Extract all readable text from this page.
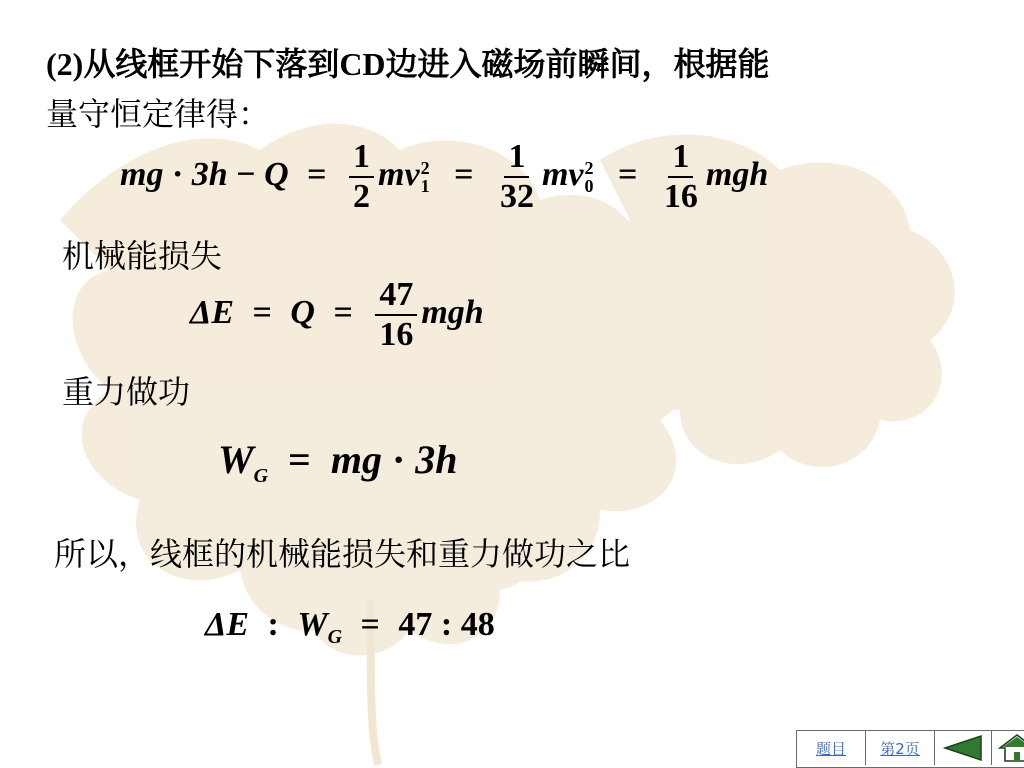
(2)从线框开始下落到CD边进入磁场前瞬间，根据能
量守恒定律得：
mg · $3h - Q = \frac{1}{2}$ mv 2
$1 = \frac{1}{32}$ mv 2
$0 = \frac{1}{16}$ mgh
机械能损失
$\Delta E = Q = \frac{47}{16}$ mgh
重力做功
$W_G$ = mg · 3h
所以，线框的机械能损失和重力做功之比
ΔE : $W_G = 47$ : 48
题目	第2页
